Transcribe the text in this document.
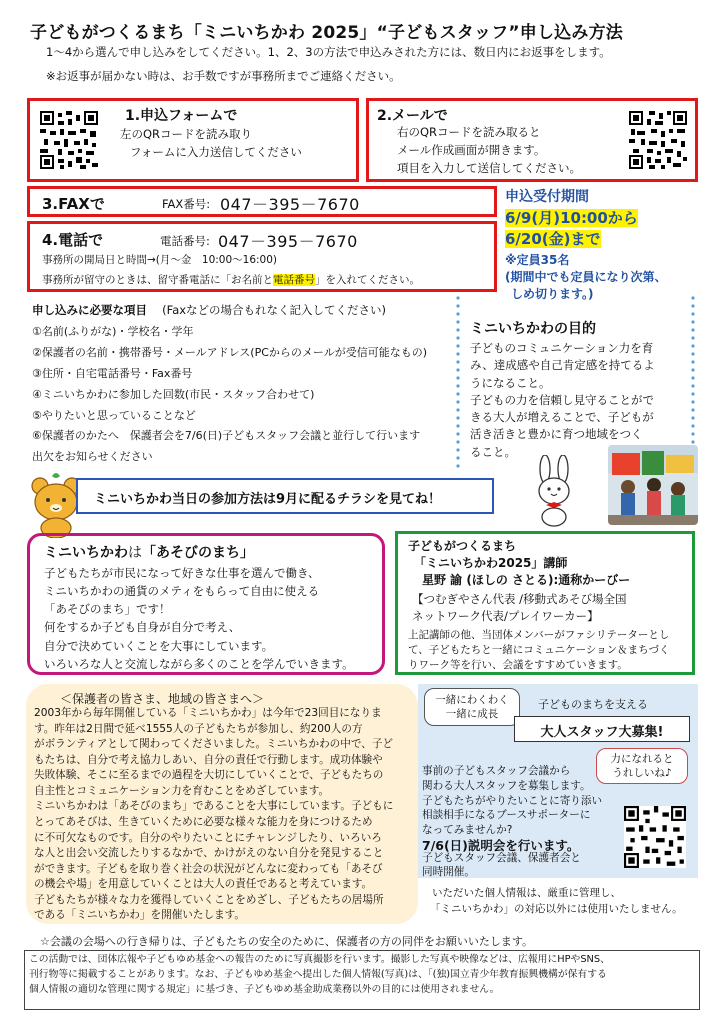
子どもがつくるまち「ミニいちかわ 2025」“子どもスタッフ”申し込み方法
1～4から選んで申し込みをしてください。1、2、3の方法で申込みされた方には、数日内にお返事をします。
※お返事が届かない時は、お手数ですが事務所までご連絡ください。
1.申込フォームで
左のQRコードを読み取り
フォームに入力送信してください
2.メールで
右のQRコードを読み取ると
メール作成画面が開きます。
項目を入力して送信してください。
3.FAXで	FAX番号: 047－395－7670
4.電話で	電話番号: 047－395－7670
事務所の開局日と時間→(月～金　10:00～16:00)
事務所が留守のときは、留守番電話に「お名前と電話番号」を入れてください。
申込受付期間
6/9(月)10:00から
6/20(金)まで
※定員35名
(期間中でも定員になり次第、
しめ切ります。)
申し込みに必要な項目　 (Faxなどの場合もれなく記入してください)
①名前(ふりがな)・学校名・学年
②保護者の名前・携帯番号・メールアドレス(PCからのメールが受信可能なもの)
③住所・自宅電話番号・Fax番号
④ミニいちかわに参加した回数(市民・スタッフ合わせて)
⑤やりたいと思っていることなど
⑥保護者のかたへ　保護者会を7/6(日)子どもスタッフ会議と並行して行います
出欠をお知らせください
ミニいちかわの目的
子どものコミュニケーション力を育
み、達成感や自己肯定感を持てるよ
うになること。
子どもの力を信頼し見守ることがで
きる大人が増えることで、子どもが
活き活きと豊かに育つ地域をつく
ること。
ミニいちかわ当日の参加方法は9月に配るチラシを見てね！
ミニいちかわは「あそびのまち」
子どもたちが市民になって好きな仕事を選んで働き、
ミニいちかわの通貨のメティをもらって自由に使える
「あそびのまち」です！
何をするか子ども自身が自分で考え、
自分で決めていくことを大事にしています。
いろいろな人と交流しながら多くのことを学んでいきます。
子どもがつくるまち
「ミニいちかわ2025」講師
星野 諭 (ほしの さとる):通称かーびー
【つむぎやさん代表 /移動式あそび場全国
ネットワーク代表/プレイワーカー】
上記講師の他、当団体メンバーがファシリテーターとし
て、子どもたちと一緒にコミュニケーション＆まちづく
りワーク等を行い、会議をすすめていきます。
＜保護者の皆さま、地域の皆さまへ＞
2003年から毎年開催している「ミニいちかわ」は今年で23回目になりま
す。昨年は2日間で延べ1555人の子どもたちが参加し、約200人の方
がボランティアとして関わってくださいました。ミニいちかわの中で、子ど
もたちは、自分で考え協力しあい、自分の責任で行動します。成功体験や
失敗体験、そこに至るまでの過程を大切にしていくことで、子どもたちの
自主性とコミュニケーション力を育むことをめざしています。
ミニいちかわは「あそびのまち」であることを大事にしています。子どもに
とってあそびは、生きていくために必要な様々な能力を身につけるため
に不可欠なものです。自分のやりたいことにチャレンジしたり、いろいろ
な人と出会い交流したりするなかで、かけがえのない自分を発見すること
ができます。子どもを取り巻く社会の状況がどんなに変わっても「あそび
の機会や場」を用意していくことは大人の責任であると考えています。
子どもたちが様々な力を獲得していくことをめざし、子どもたちの居場所
である「ミニいちかわ」を開催いたします。
一緒にわくわく
一緒に成長
子どものまちを支える
大人スタッフ大募集!
力になれると
うれしいね♪
事前の子どもスタッフ会議から
関わる大人スタッフを募集します。
子どもたちがやりたいことに寄り添い
相談相手になるブースサポーターに
なってみませんか?
7/6(日)説明会を行います。
子どもスタッフ会議、保護者会と
同時開催。
いただいた個人情報は、厳重に管理し、
「ミニいちかわ」の対応以外には使用いたしません。
☆会議の会場への行き帰りは、子どもたちの安全のために、保護者の方の同伴をお願いいたします。
この活動では、団体広報や子どもゆめ基金への報告のために写真撮影を行います。撮影した写真や映像などは、広報用にHPやSNS、
刊行物等に掲載することがあります。なお、子どもゆめ基金へ提出した個人情報(写真)は、「(独)国立青少年教育振興機構が保有する
個人情報の適切な管理に関する規定」に基づき、子どもゆめ基金助成業務以外の目的には使用されません。
